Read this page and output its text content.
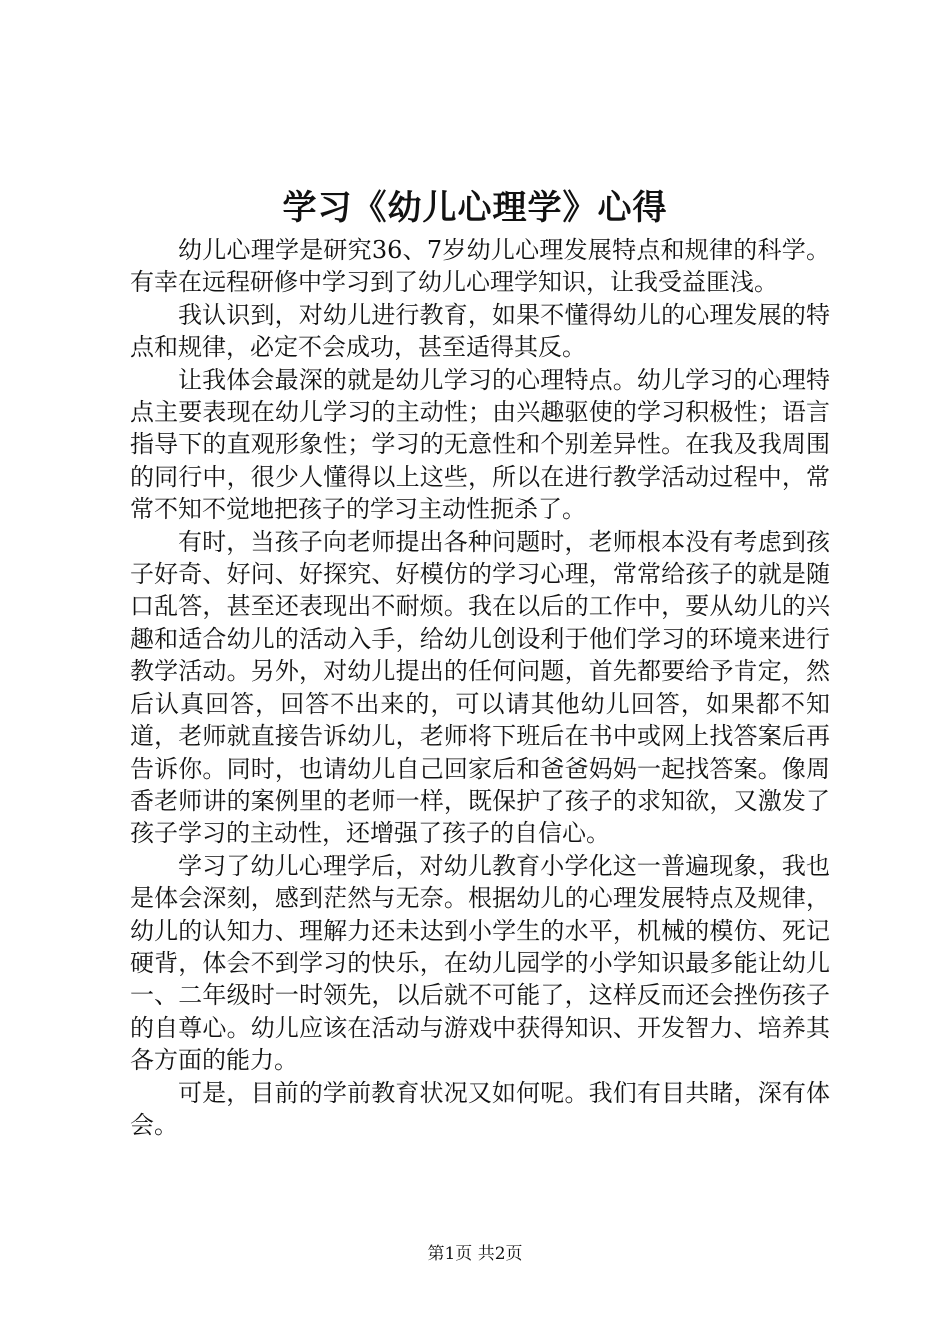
学习《幼儿心理学》心得

幼儿心理学是研究36、7岁幼儿心理发展特点和规律的科学。有幸在远程研修中学习到了幼儿心理学知识，让我受益匪浅。

我认识到，对幼儿进行教育，如果不懂得幼儿的心理发展的特点和规律，必定不会成功，甚至适得其反。

让我体会最深的就是幼儿学习的心理特点。幼儿学习的心理特点主要表现在幼儿学习的主动性；由兴趣驱使的学习积极性；语言指导下的直观形象性；学习的无意性和个别差异性。在我及我周围的同行中，很少人懂得以上这些，所以在进行教学活动过程中，常常不知不觉地把孩子的学习主动性扼杀了。

有时，当孩子向老师提出各种问题时，老师根本没有考虑到孩子好奇、好问、好探究、好模仿的学习心理，常常给孩子的就是随口乱答，甚至还表现出不耐烦。我在以后的工作中，要从幼儿的兴趣和适合幼儿的活动入手，给幼儿创设利于他们学习的环境来进行教学活动。另外，对幼儿提出的任何问题，首先都要给予肯定，然后认真回答，回答不出来的，可以请其他幼儿回答，如果都不知道，老师就直接告诉幼儿，老师将下班后在书中或网上找答案后再告诉你。同时，也请幼儿自己回家后和爸爸妈妈一起找答案。像周香老师讲的案例里的老师一样，既保护了孩子的求知欲，又激发了孩子学习的主动性，还增强了孩子的自信心。

学习了幼儿心理学后，对幼儿教育小学化这一普遍现象，我也是体会深刻，感到茫然与无奈。根据幼儿的心理发展特点及规律，幼儿的认知力、理解力还未达到小学生的水平，机械的模仿、死记硬背，体会不到学习的快乐，在幼儿园学的小学知识最多能让幼儿一、二年级时一时领先，以后就不可能了，这样反而还会挫伤孩子的自尊心。幼儿应该在活动与游戏中获得知识、开发智力、培养其各方面的能力。

可是，目前的学前教育状况又如何呢。我们有目共睹，深有体会。

第1页 共2页
